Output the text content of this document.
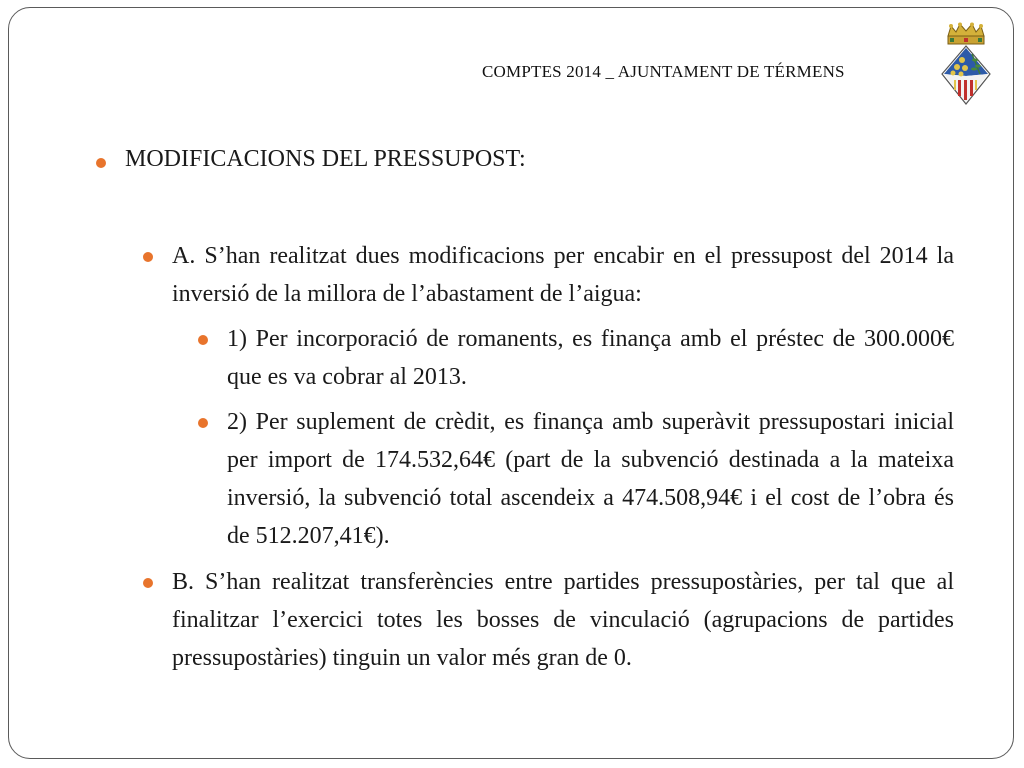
COMPTES 2014 _ AJUNTAMENT DE TÉRMENS
MODIFICACIONS DEL PRESSUPOST:
A. S’han realitzat dues modificacions per encabir en el pressupost del 2014 la inversió de la millora de l’abastament de l’aigua:
1) Per incorporació de romanents, es finança amb el préstec de 300.000€ que es va cobrar al 2013.
2) Per suplement de crèdit, es finança amb superàvit pressupostari inicial per import de 174.532,64€ (part de la subvenció destinada a la mateixa inversió, la subvenció total ascendeix a 474.508,94€ i el cost de l’obra és de 512.207,41€).
B. S’han realitzat transferències entre partides pressupostàries, per tal que al finalitzar l’exercici totes les bosses de vinculació (agrupacions de partides pressupostàries) tinguin un valor més gran de 0.
